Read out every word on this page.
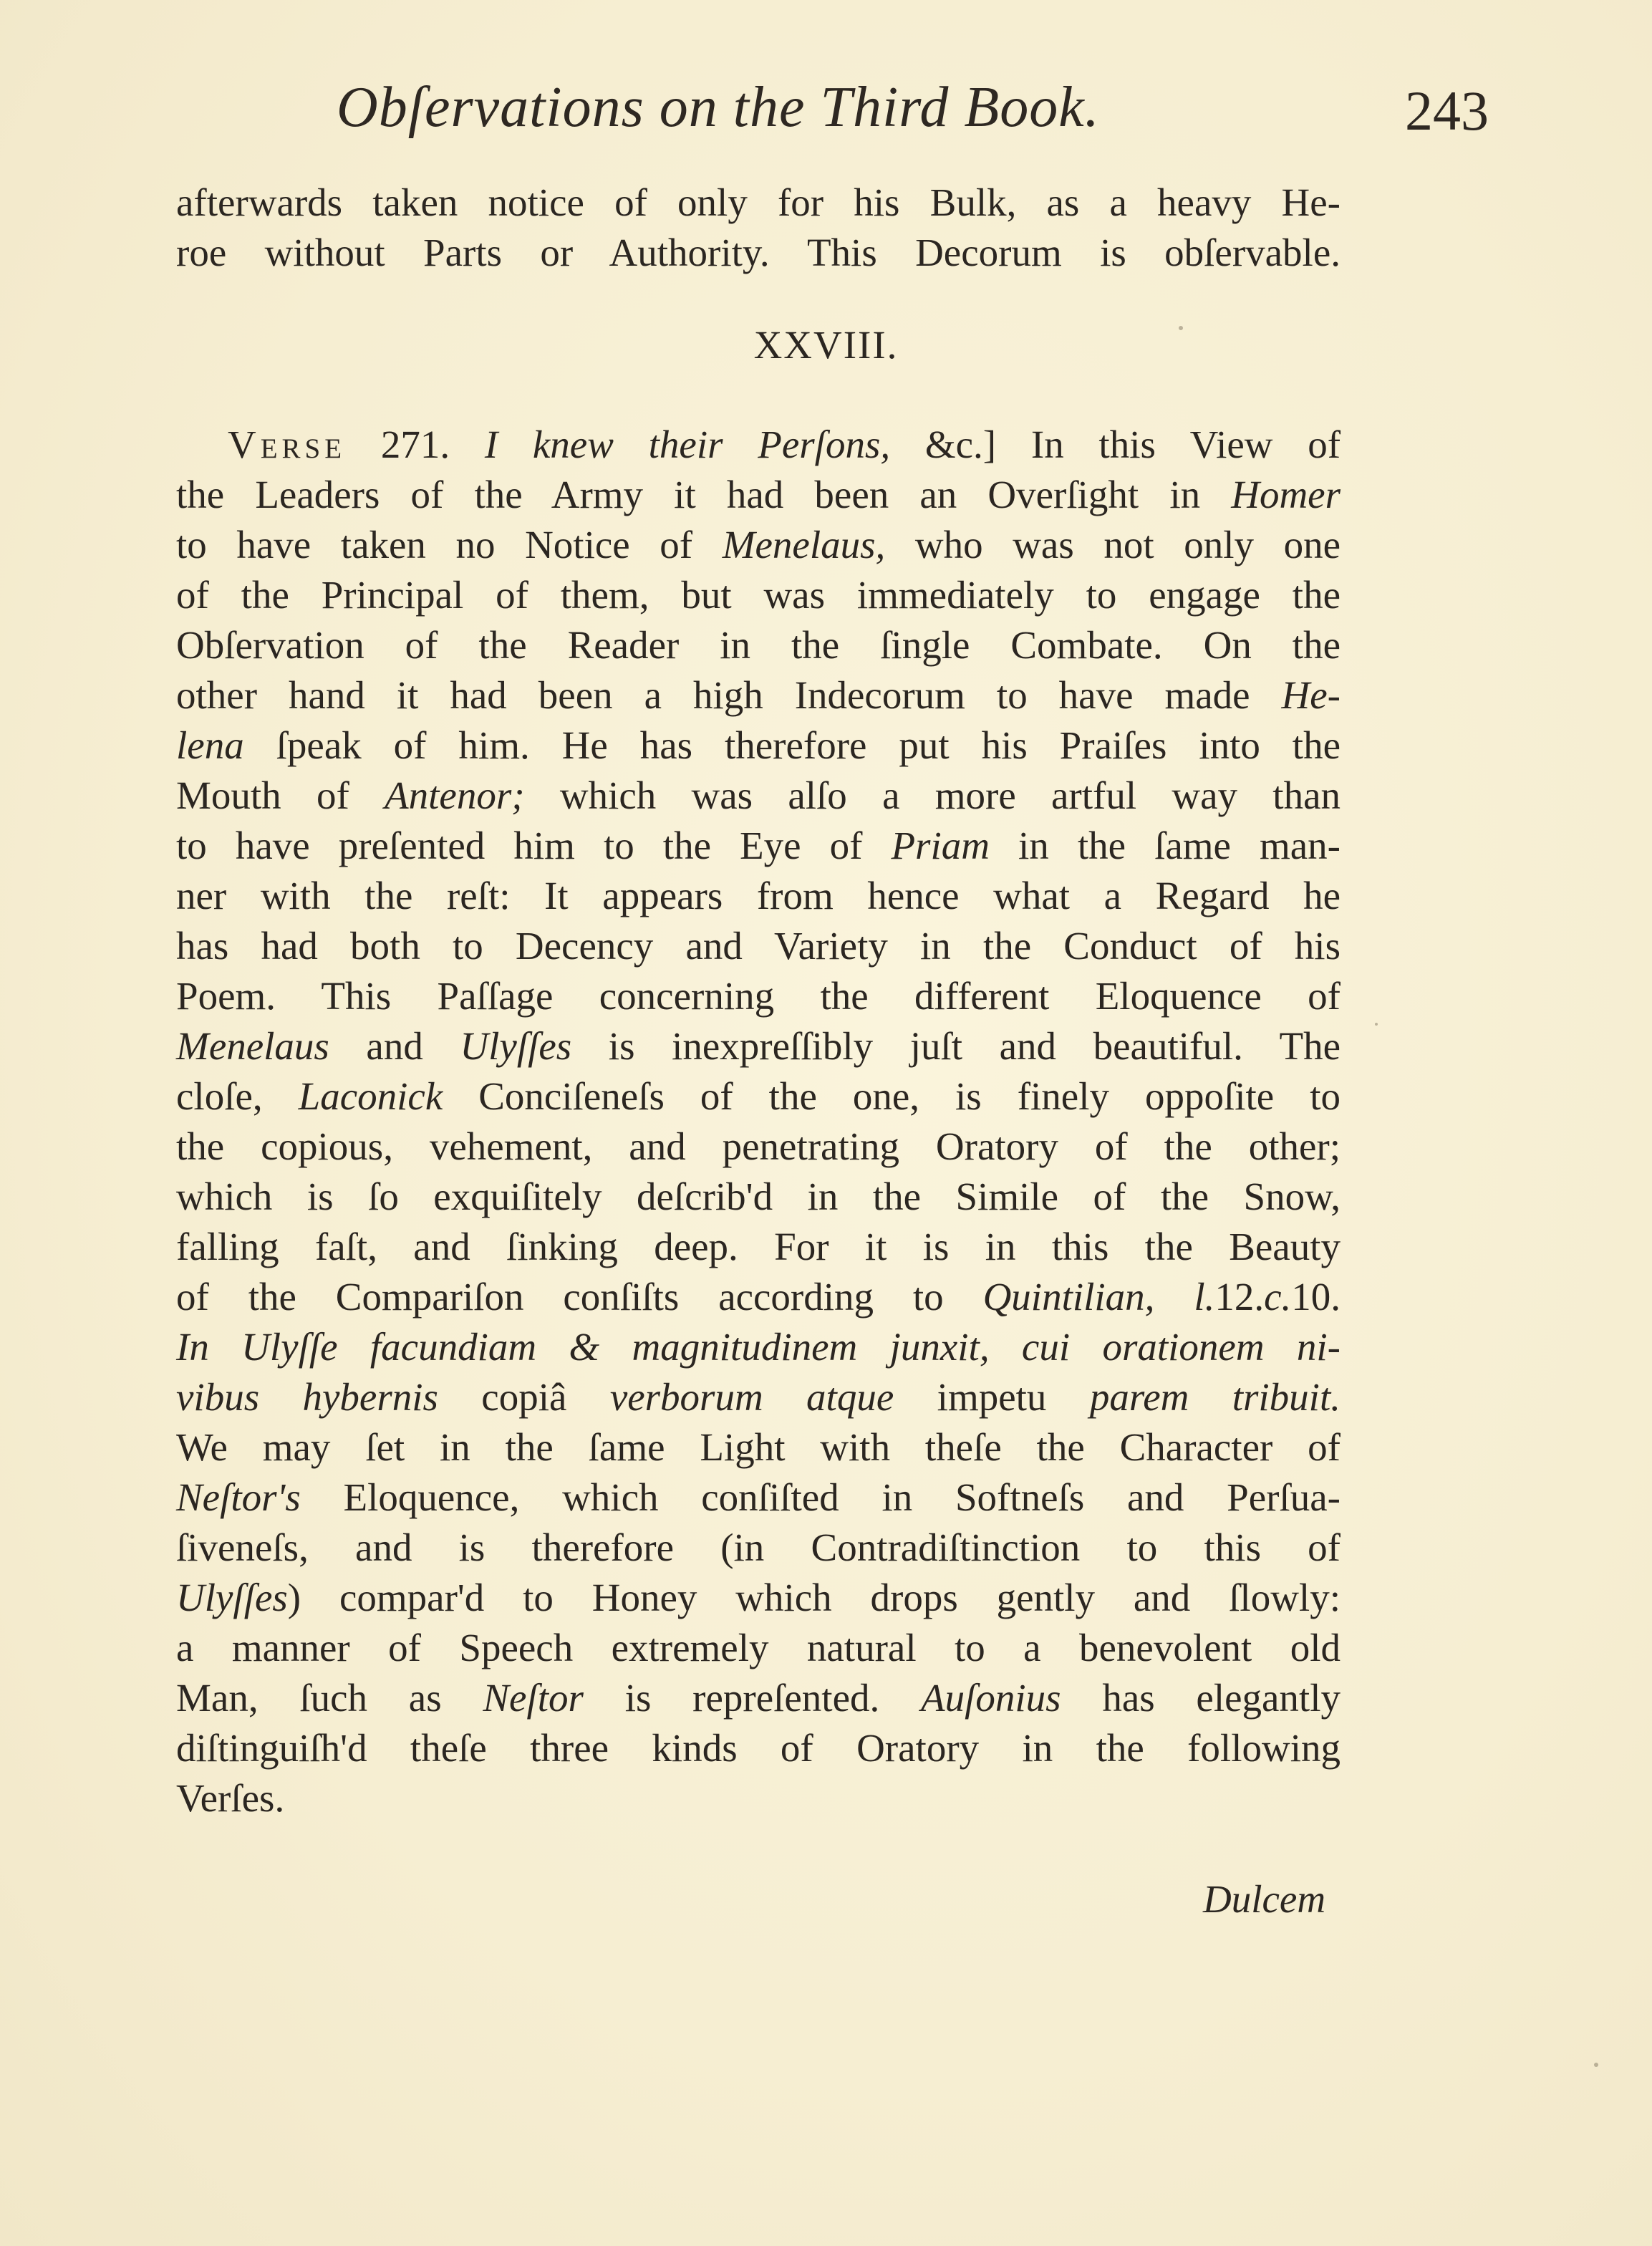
Obſervations on the Third Book.	243
afterwards taken notice of only for his Bulk, as a heavy He-
roe without Parts or Authority. This Decorum is obſervable.
XXVIII.
Verse 271. I knew their Perſons, &c.] In this View of
the Leaders of the Army it had been an Overſight in Homer
to have taken no Notice of Menelaus, who was not only one
of the Principal of them, but was immediately to engage the
Obſervation of the Reader in the ſingle Combate. On the
other hand it had been a high Indecorum to have made He-
lena ſpeak of him. He has therefore put his Praiſes into the
Mouth of Antenor; which was alſo a more artful way than
to have preſented him to the Eye of Priam in the ſame man-
ner with the reſt: It appears from hence what a Regard he
has had both to Decency and Variety in the Conduct of his
Poem. This Paſſage concerning the different Eloquence of
Menelaus and Ulyſſes is inexpreſſibly juſt and beautiful. The
cloſe, Laconick Conciſeneſs of the one, is finely oppoſite to
the copious, vehement, and penetrating Oratory of the other;
which is ſo exquiſitely deſcrib'd in the Simile of the Snow,
falling faſt, and ſinking deep. For it is in this the Beauty
of the Compariſon conſiſts according to Quintilian, l.12.c.10.
In Ulyſſe facundiam & magnitudinem junxit, cui orationem ni-
vibus hybernis copiâ verborum atque impetu parem tribuit.
We may ſet in the ſame Light with theſe the Character of
Neſtor's Eloquence, which conſiſted in Softneſs and Perſua-
ſiveneſs, and is therefore (in Contradiſtinction to this of
Ulyſſes) compar'd to Honey which drops gently and ſlowly:
a manner of Speech extremely natural to a benevolent old
Man, ſuch as Neſtor is repreſented. Auſonius has elegantly
diſtinguiſh'd theſe three kinds of Oratory in the following
Verſes.
Dulcem
